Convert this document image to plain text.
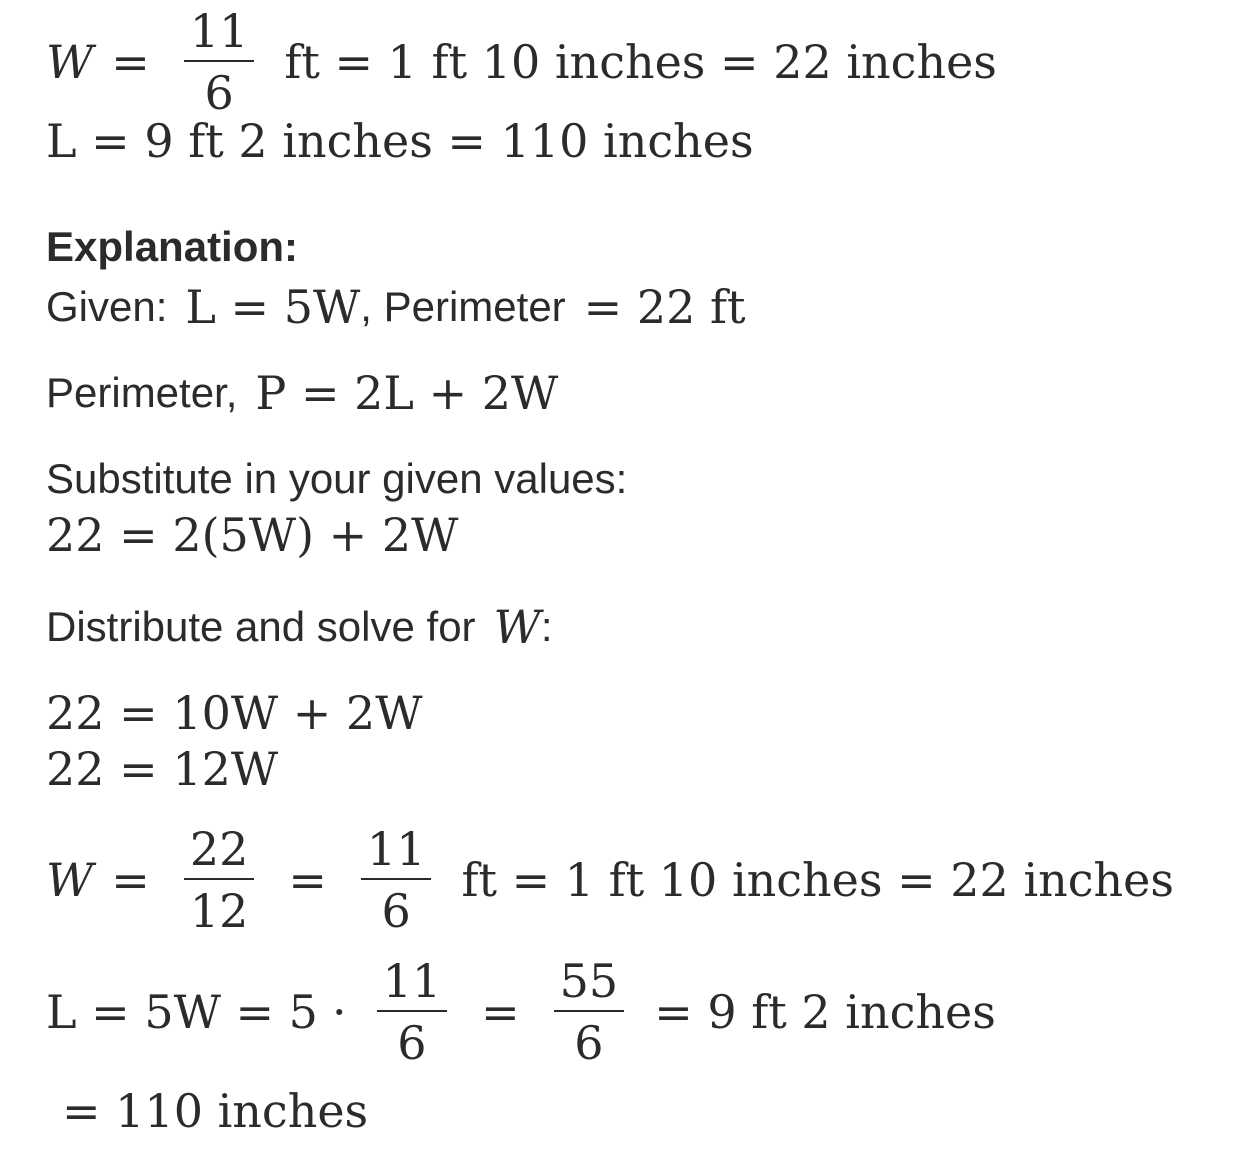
$W = \frac{11}{6}$ ft = 1 ft 10 inches = 22 inches
L = 9 ft 2 inches = 110 inches
Explanation:
Given: L = 5W , Perimeter = 22 ft
Perimeter, P = 2L + 2W
Substitute in your given values:
22 = 2(5W) + 2W
Distribute and solve for W :
22 = 10W + 2W
22 = 12W
$W = \frac{22}{12} = \frac{11}{6}$ ft = 1 ft 10 inches = 22 inches
$L = 5W = 5 \cdot \frac{11}{6} = \frac{55}{6} = 9$ ft 2 inches
= 110 inches
